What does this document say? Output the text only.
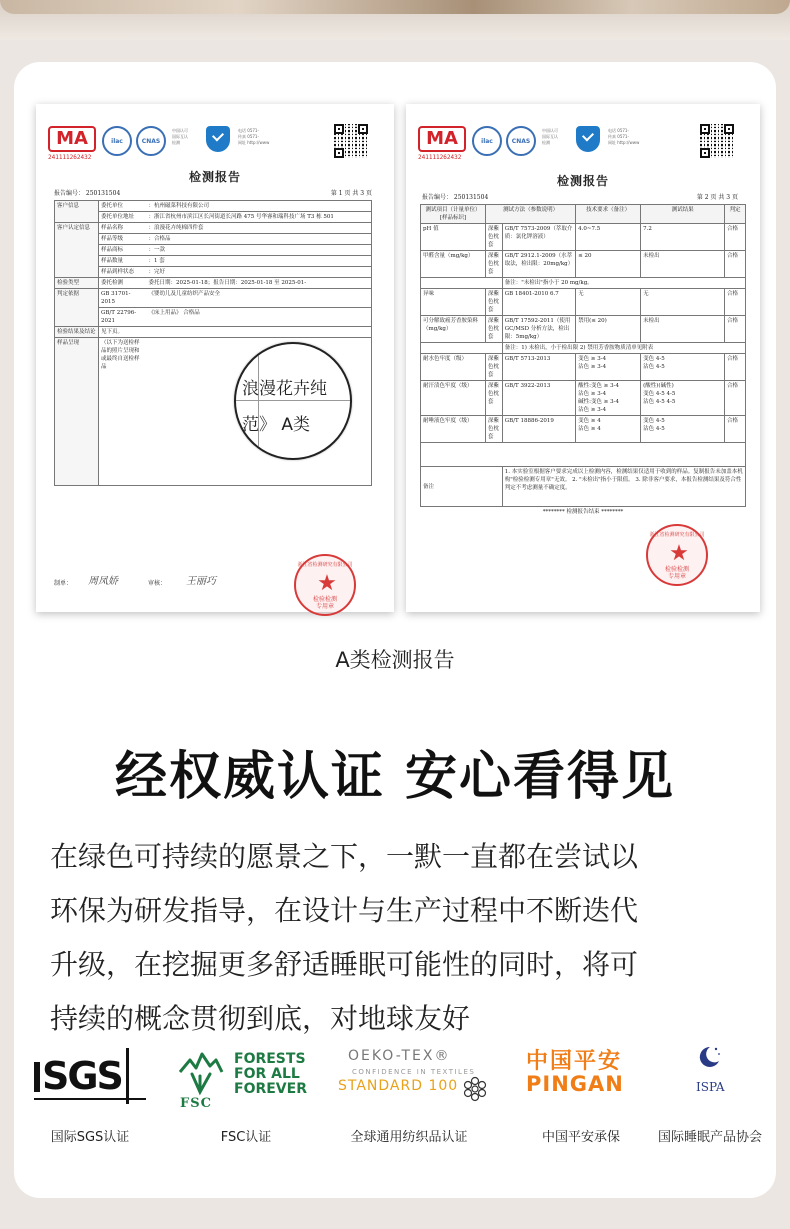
MA
241111262432
ilac	CNAS
中国认可
国际互认
检测
电话 0571-
传真 0571-
网址 http://www
检测报告
报告编号： 250131504	第 1 页 共 3 页
客户信息	委托单位	：杭州磁菜科技有限公司
	委托单位地址	：浙江省杭州市滨江区长河街道长河路 475 号华睿和瑞科技广场 T3 栋 501
客户认定信息	样品名称	：浪漫花卉纯棉四件套
	样品等级	：合格品
	样品商标	：一款
	样品数量	：1 套
	样品到样状态	：完好
检验类型	委托检测	委托日期：2025-01-18；报告日期：2025-01-18 至 2025-01-
判定依据	GB 31701-2015	《婴幼儿及儿童纺织产品安全
	GB/T 22796-2021	《床上用品》 合格品
检验结果及结论	见下页。	
样品呈现	（以下为送检样品的照片呈现和或最终自送检样品	
制单： 周凤娇	审核： 王丽巧
浙江省检测研究有限公司
★
检验检测
专用章
浪漫花卉纯
范》 A类
MA
241111262432
ilac	CNAS
中国认可
国际互认
检测
电话 0571-
传真 0571-
网址 http://www
检测报告
报告编号： 250131504	第 2 页 共 3 页
测试项目（计量单位）[样品标识]	测试方法（参数说明）		技术要求（备注）	测试结果	判定
pH 值	深紫色枕套	GB/T 7573-2009（萃取介质：氯化钾溶液）	4.0~7.5	7.2	合格
甲醛含量（mg/kg）	深紫色枕套	GB/T 2912.1-2009（水萃取法，检出限：20mg/kg）	≤ 20	未检出	合格
		备注："未检出"指小于 20 mg/kg。			
异味	深紫色枕套	GB 18401-2010 6.7	无	无	合格
可分解致癌芳香胺染料（mg/kg）	深紫色枕套	GB/T 17592-2011（使用 GC/MSD 分析方法，检出限：5mg/kg）	禁用(≤ 20)	未检出	合格
		备注：1) 未检出，小于检出限 2) 禁用芳香胺物质清单见附表			
耐水色牢度（级）	深紫色枕套	GB/T 5713-2013	变色 ≥ 3-4
沾色 ≥ 3-4	变色 4-5
沾色 4-5	合格
耐汗渍色牢度（级）	深紫色枕套	GB/T 3922-2013	酸性:变色 ≥ 3-4
沾色 ≥ 3-4
碱性:变色 ≥ 3-4
沾色 ≥ 3-4	(酸性)(碱性)
变色 4-5 4-5
沾色 4-5 4-5	合格
耐唾液色牢度（级）	深紫色枕套	GB/T 18886-2019	变色 ≥ 4
沾色 ≥ 4	变色 4-5
沾色 4-5	合格

备注		1. 本实验室根据客户要求完成以上检测内容，检测结果仅适用于收到的样品。复制报告未加盖本机构"检验检测专用章"无效。 2. "未检出"指小于限值。 3. 除非客户要求，本报告检测结果及符合性判定不考虑测量不确定度。			
******** 检测报告结束 ********					
浙江省检测研究有限公司
★
检验检测
专用章
A类检测报告
经权威认证 安心看得见
在绿色可持续的愿景之下，一默一直都在尝试以
环保为研发指导，在设计与生产过程中不断迭代
升级，在挖掘更多舒适睡眠可能性的同时，将可
持续的概念贯彻到底，对地球友好
SGS
国际SGS认证
FSC
FORESTS
FOR ALL
FOREVER
FSC认证
OEKO-TEX®
CONFIDENCE IN TEXTILES
STANDARD 100
全球通用纺织品认证
中国平安
PINGAN
中国平安承保
ISPA
国际睡眠产品协会
